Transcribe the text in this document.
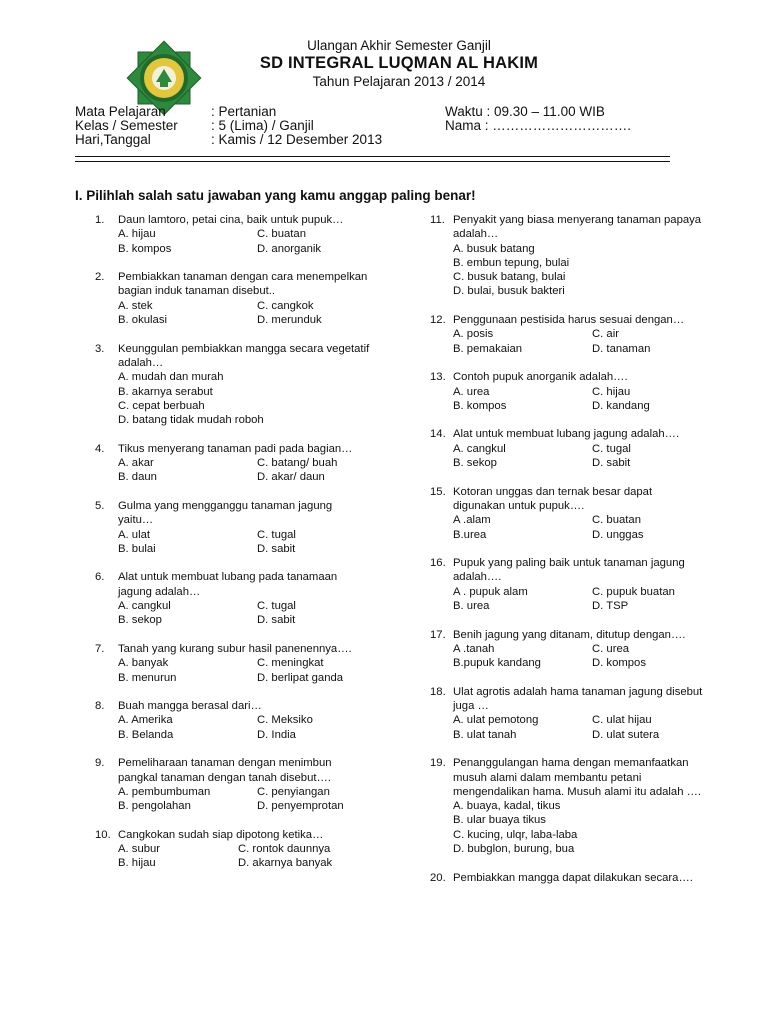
Ulangan Akhir Semester Ganjil
SD INTEGRAL LUQMAN AL HAKIM
Tahun Pelajaran 2013 / 2014
Mata Pelajaran	: Pertanian
Kelas / Semester : 5 (Lima) / Ganjil
Hari,Tanggal	: Kamis / 12 Desember 2013
Waktu : 09.30 – 11.00 WIB
Nama : ………………………….
I. Pilihlah salah satu jawaban yang kamu anggap paling benar!
1. Daun lamtoro, petai cina, baik untuk pupuk…
A. hijau	C. buatan
B. kompos	D. anorganik
2. Pembiakkan tanaman dengan cara menempelkan bagian induk tanaman disebut..
A. stek	C. cangkok
B. okulasi	D. merunduk
3. Keunggulan pembiakkan mangga secara vegetatif adalah…
A. mudah dan murah
B. akarnya serabut
C. cepat berbuah
D. batang tidak mudah roboh
4. Tikus menyerang tanaman padi pada bagian…
A. akar	C. batang/ buah
B. daun	D. akar/ daun
5. Gulma yang mengganggu tanaman jagung yaitu…
A. ulat	C. tugal
B. bulai	D. sabit
6. Alat untuk membuat lubang pada tanamaan jagung adalah…
A. cangkul	C. tugal
B. sekop	D. sabit
7. Tanah yang kurang subur hasil panenennya….
A. banyak	C. meningkat
B. menurun	D. berlipat ganda
8. Buah mangga berasal dari…
A. Amerika	C. Meksiko
B. Belanda	D. India
9. Pemeliharaan tanaman dengan menimbun pangkal tanaman dengan tanah disebut….
A. pembumbuman	C. penyiangan
B. pengolahan	D. penyemprotan
10. Cangkokan sudah siap dipotong ketika…
A. subur	C. rontok daunnya
B. hijau	D. akarnya banyak
11. Penyakit yang biasa menyerang tanaman papaya adalah…
A. busuk batang
B. embun tepung, bulai
C. busuk batang, bulai
D. bulai, busuk bakteri
12. Penggunaan pestisida harus sesuai dengan…
A. posis	C. air
B. pemakaian	D. tanaman
13. Contoh pupuk anorganik adalah….
A. urea	C. hijau
B. kompos	D. kandang
14. Alat untuk membuat lubang jagung adalah….
A. cangkul	C. tugal
B. sekop	D. sabit
15. Kotoran unggas dan ternak besar dapat digunakan untuk pupuk….
A .alam	C. buatan
B.urea	D. unggas
16. Pupuk yang paling baik untuk tanaman jagung adalah….
A . pupuk alam	C. pupuk buatan
B. urea	D. TSP
17. Benih jagung yang ditanam, ditutup dengan….
A .tanah	C. urea
B.pupuk kandang	D. kompos
18. Ulat agrotis adalah hama tanaman jagung disebut juga …
A. ulat pemotong	C. ulat hijau
B. ulat tanah	D. ulat sutera
19. Penanggulangan hama dengan memanfaatkan musuh alami dalam membantu petani mengendalikan hama. Musuh alami itu adalah ….
A. buaya, kadal, tikus
B. ular buaya tikus
C. kucing, ulqr, laba-laba
D. bubglon, burung, bua
20. Pembiakkan mangga dapat dilakukan secara….
